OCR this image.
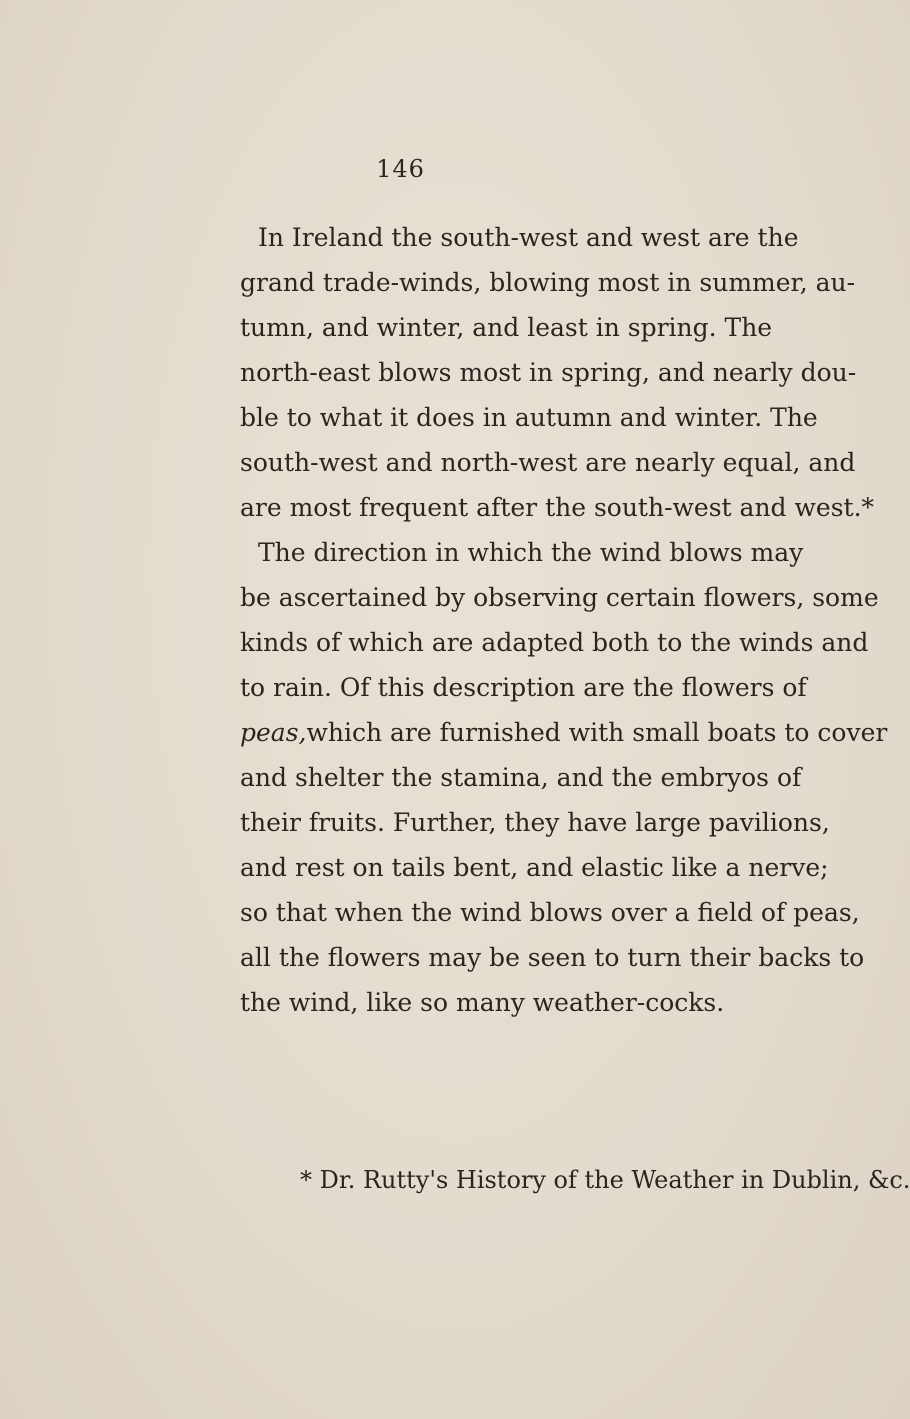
146
In Ireland the south-west and west are the
grand trade-winds, blowing most in summer, au-
tumn, and winter, and least in spring. The
north-east blows most in spring, and nearly dou-
ble to what it does in autumn and winter. The
south-west and north-west are nearly equal, and
are most frequent after the south-west and west.*
The direction in which the wind blows may
be ascertained by observing certain flowers, some
kinds of which are adapted both to the winds and
to rain. Of this description are the flowers of
peas,which are furnished with small boats to cover
and shelter the stamina, and the embryos of
their fruits. Further, they have large pavilions,
and rest on tails bent, and elastic like a nerve;
so that when the wind blows over a field of peas,
all the flowers may be seen to turn their backs to
the wind, like so many weather-cocks.
* Dr. Rutty's History of the Weather in Dublin, &c.
